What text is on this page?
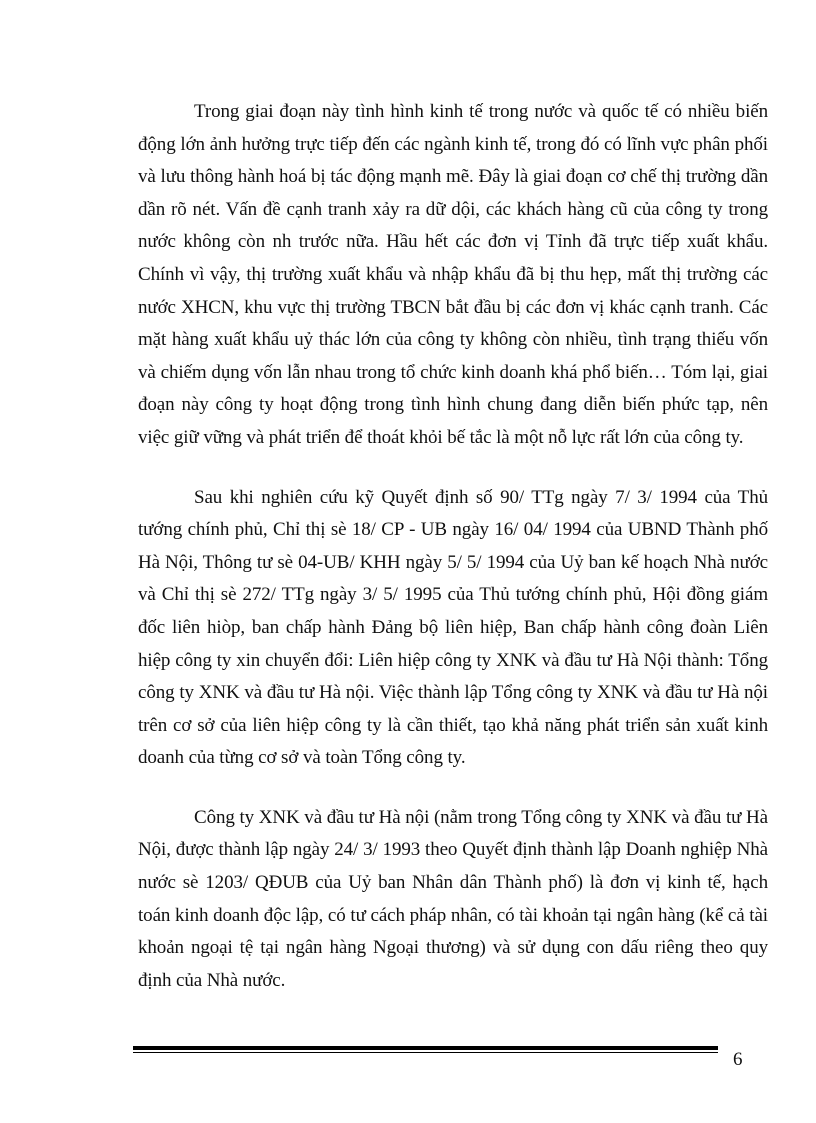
Trong giai đoạn này tình hình kinh tế trong nước và quốc tế có nhiều biến động lớn ảnh hưởng trực tiếp đến các ngành kinh tế, trong đó có lĩnh vực phân phối và lưu thông hành hoá bị tác động mạnh mẽ. Đây là giai đoạn cơ chế thị trường dần dần rõ nét. Vấn đề cạnh tranh xảy ra dữ dội, các khách hàng cũ của công ty trong nước không còn nh trước nữa. Hầu hết các đơn vị Tỉnh đã trực tiếp xuất khẩu. Chính vì vậy, thị trường xuất khẩu và nhập khẩu đã bị thu hẹp, mất thị trường các nước XHCN, khu vực thị trường TBCN bắt đầu bị các đơn vị khác cạnh tranh. Các mặt hàng xuất khẩu uỷ thác lớn của công ty không còn nhiều, tình trạng thiếu vốn và chiếm dụng vốn lẫn nhau trong tổ chức kinh doanh khá phổ biến… Tóm lại, giai đoạn này công ty hoạt động trong tình hình chung đang diễn biến phức tạp, nên việc giữ vững và phát triển để thoát khỏi bế tắc là một nỗ lực rất lớn của công ty.

Sau khi nghiên cứu kỹ Quyết định số 90/ TTg ngày 7/ 3/ 1994 của Thủ tướng chính phủ, Chỉ thị sè 18/ CP - UB ngày 16/ 04/ 1994 của UBND Thành phố Hà Nội, Thông tư sè 04-UB/ KHH ngày 5/ 5/ 1994 của Uỷ ban kế hoạch Nhà nước và Chỉ thị sè 272/ TTg ngày 3/ 5/ 1995 của Thủ tướng chính phủ, Hội đồng giám đốc liên hiòp, ban chấp hành Đảng bộ liên hiệp, Ban chấp hành công đoàn Liên hiệp công ty xin chuyển đổi: Liên hiệp công ty XNK và đầu tư Hà Nội thành: Tổng công ty XNK và đầu tư Hà nội. Việc thành lập Tổng công ty XNK và đầu tư Hà nội trên cơ sở của liên hiệp công ty là cần thiết, tạo khả năng phát triển sản xuất kinh doanh của từng cơ sở và toàn Tổng công ty.

Công ty XNK và đầu tư Hà nội (nằm trong Tổng công ty XNK và đầu tư Hà Nội, được thành lập ngày 24/ 3/ 1993 theo Quyết định thành lập Doanh nghiệp Nhà nước sè 1203/ QĐUB của Uỷ ban Nhân dân Thành phố) là đơn vị kinh tế, hạch toán kinh doanh độc lập, có tư cách pháp nhân, có tài khoản tại ngân hàng (kể cả tài khoản ngoại tệ tại ngân hàng Ngoại thương) và sử dụng con dấu riêng theo quy định của Nhà nước.

6
